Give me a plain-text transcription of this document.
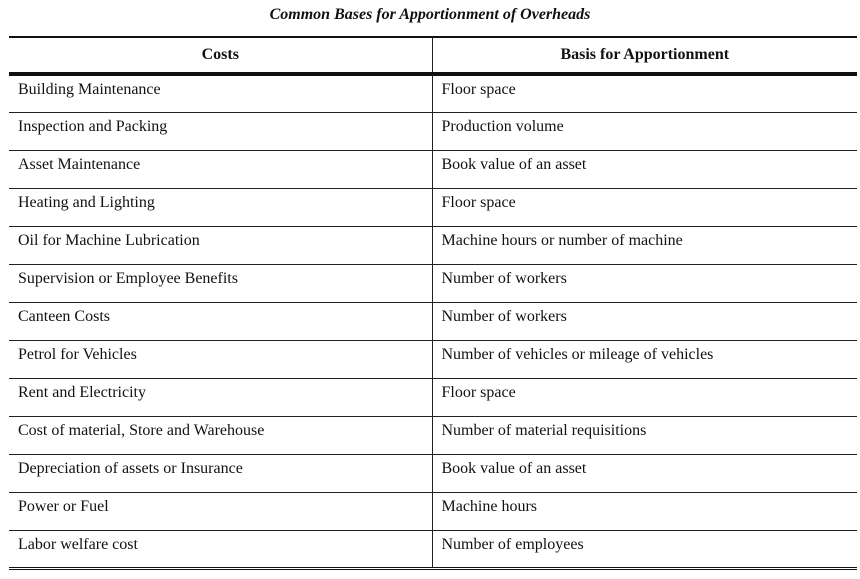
Common Bases for Apportionment of Overheads
Costs	Basis for Apportionment
Building Maintenance	Floor space
Inspection and Packing	Production volume
Asset Maintenance	Book value of an asset
Heating and Lighting	Floor space
Oil for Machine Lubrication	Machine hours or number of machine
Supervision or Employee Benefits	Number of workers
Canteen Costs	Number of workers
Petrol for Vehicles	Number of vehicles or mileage of vehicles
Rent and Electricity	Floor space
Cost of material, Store and Warehouse	Number of material requisitions
Depreciation of assets or Insurance	Book value of an asset
Power or Fuel	Machine hours
Labor welfare cost	Number of employees
